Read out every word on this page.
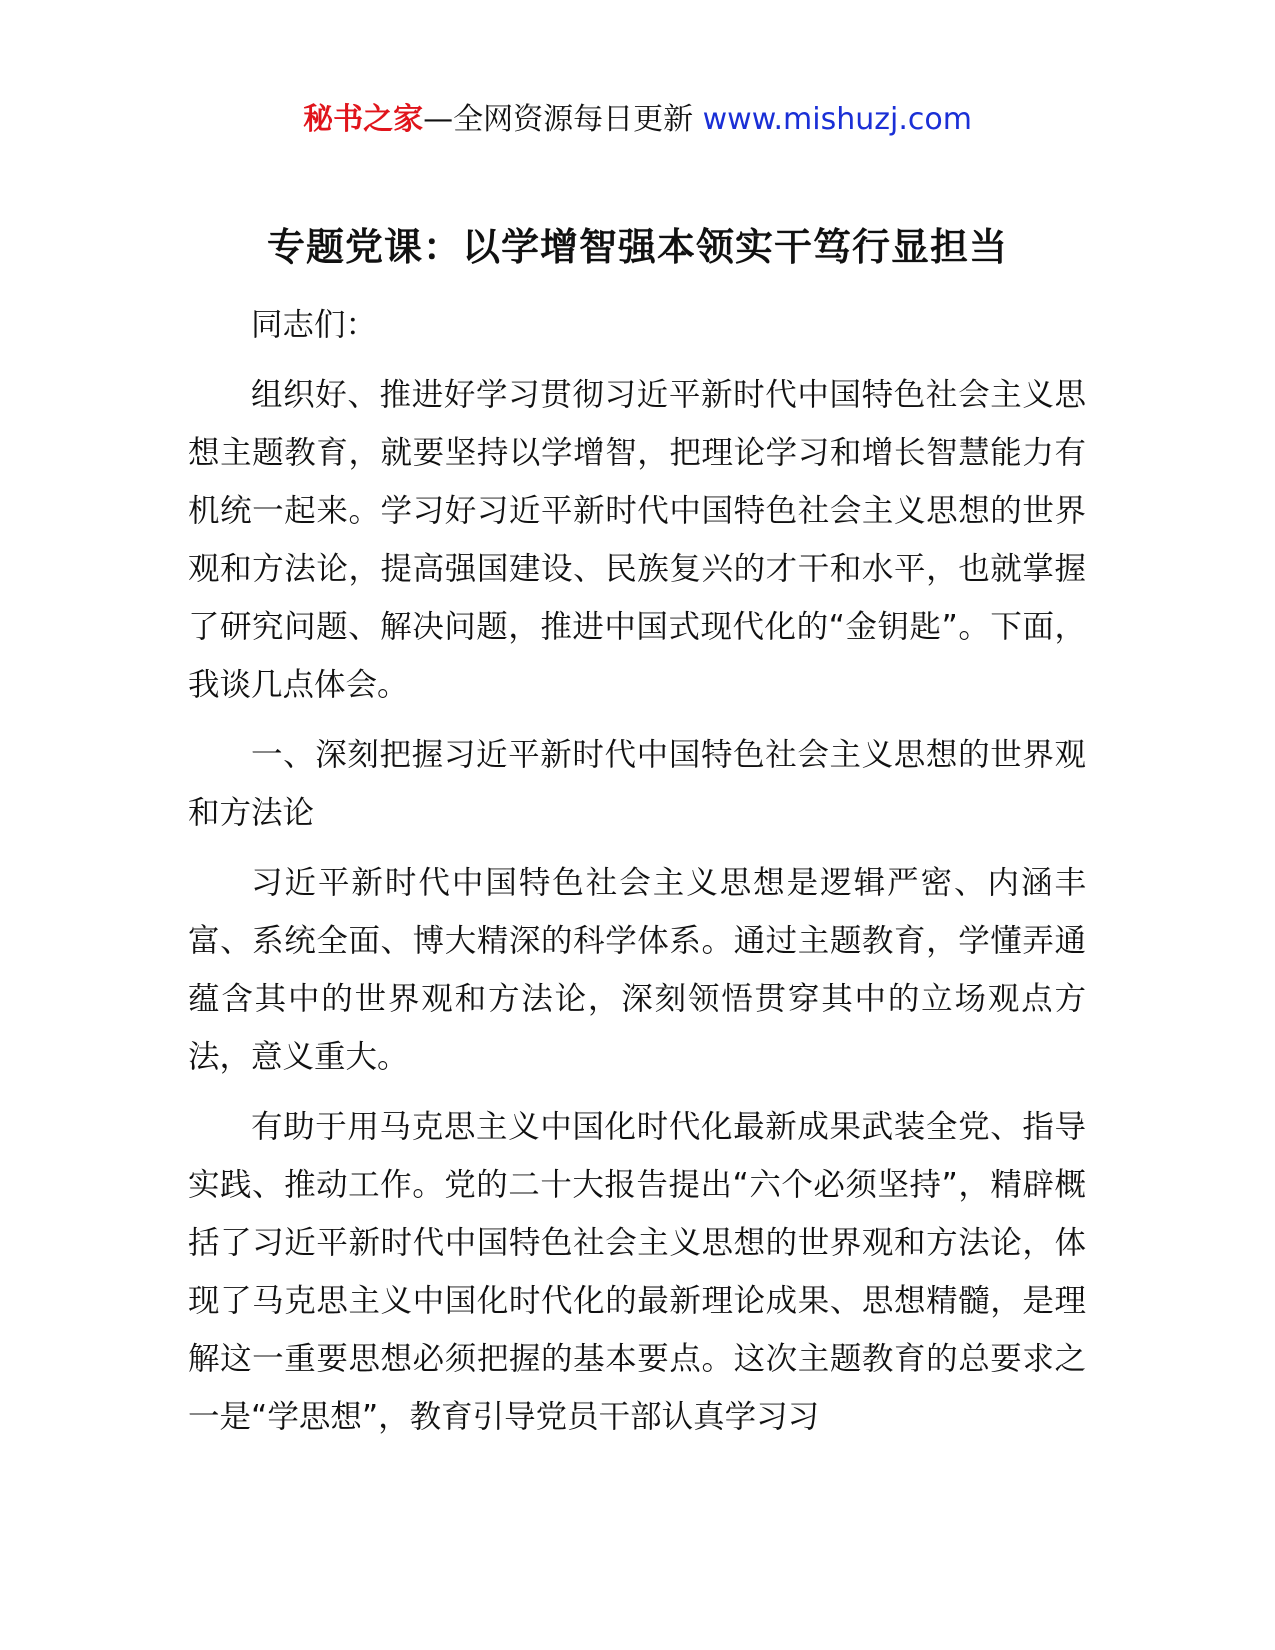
秘书之家—全网资源每日更新 www.mishuzj.com
专题党课：以学增智强本领实干笃行显担当

同志们：

组织好、推进好学习贯彻习近平新时代中国特色社会主义思想主题教育，就要坚持以学增智，把理论学习和增长智慧能力有机统一起来。学习好习近平新时代中国特色社会主义思想的世界观和方法论，提高强国建设、民族复兴的才干和水平，也就掌握了研究问题、解决问题，推进中国式现代化的“金钥匙”。下面，我谈几点体会。

一、深刻把握习近平新时代中国特色社会主义思想的世界观和方法论

习近平新时代中国特色社会主义思想是逻辑严密、内涵丰富、系统全面、博大精深的科学体系。通过主题教育，学懂弄通蕴含其中的世界观和方法论，深刻领悟贯穿其中的立场观点方法，意义重大。

有助于用马克思主义中国化时代化最新成果武装全党、指导实践、推动工作。党的二十大报告提出“六个必须坚持”，精辟概括了习近平新时代中国特色社会主义思想的世界观和方法论，体现了马克思主义中国化时代化的最新理论成果、思想精髓，是理解这一重要思想必须把握的基本要点。这次主题教育的总要求之一是“学思想”，教育引导党员干部认真学习习
